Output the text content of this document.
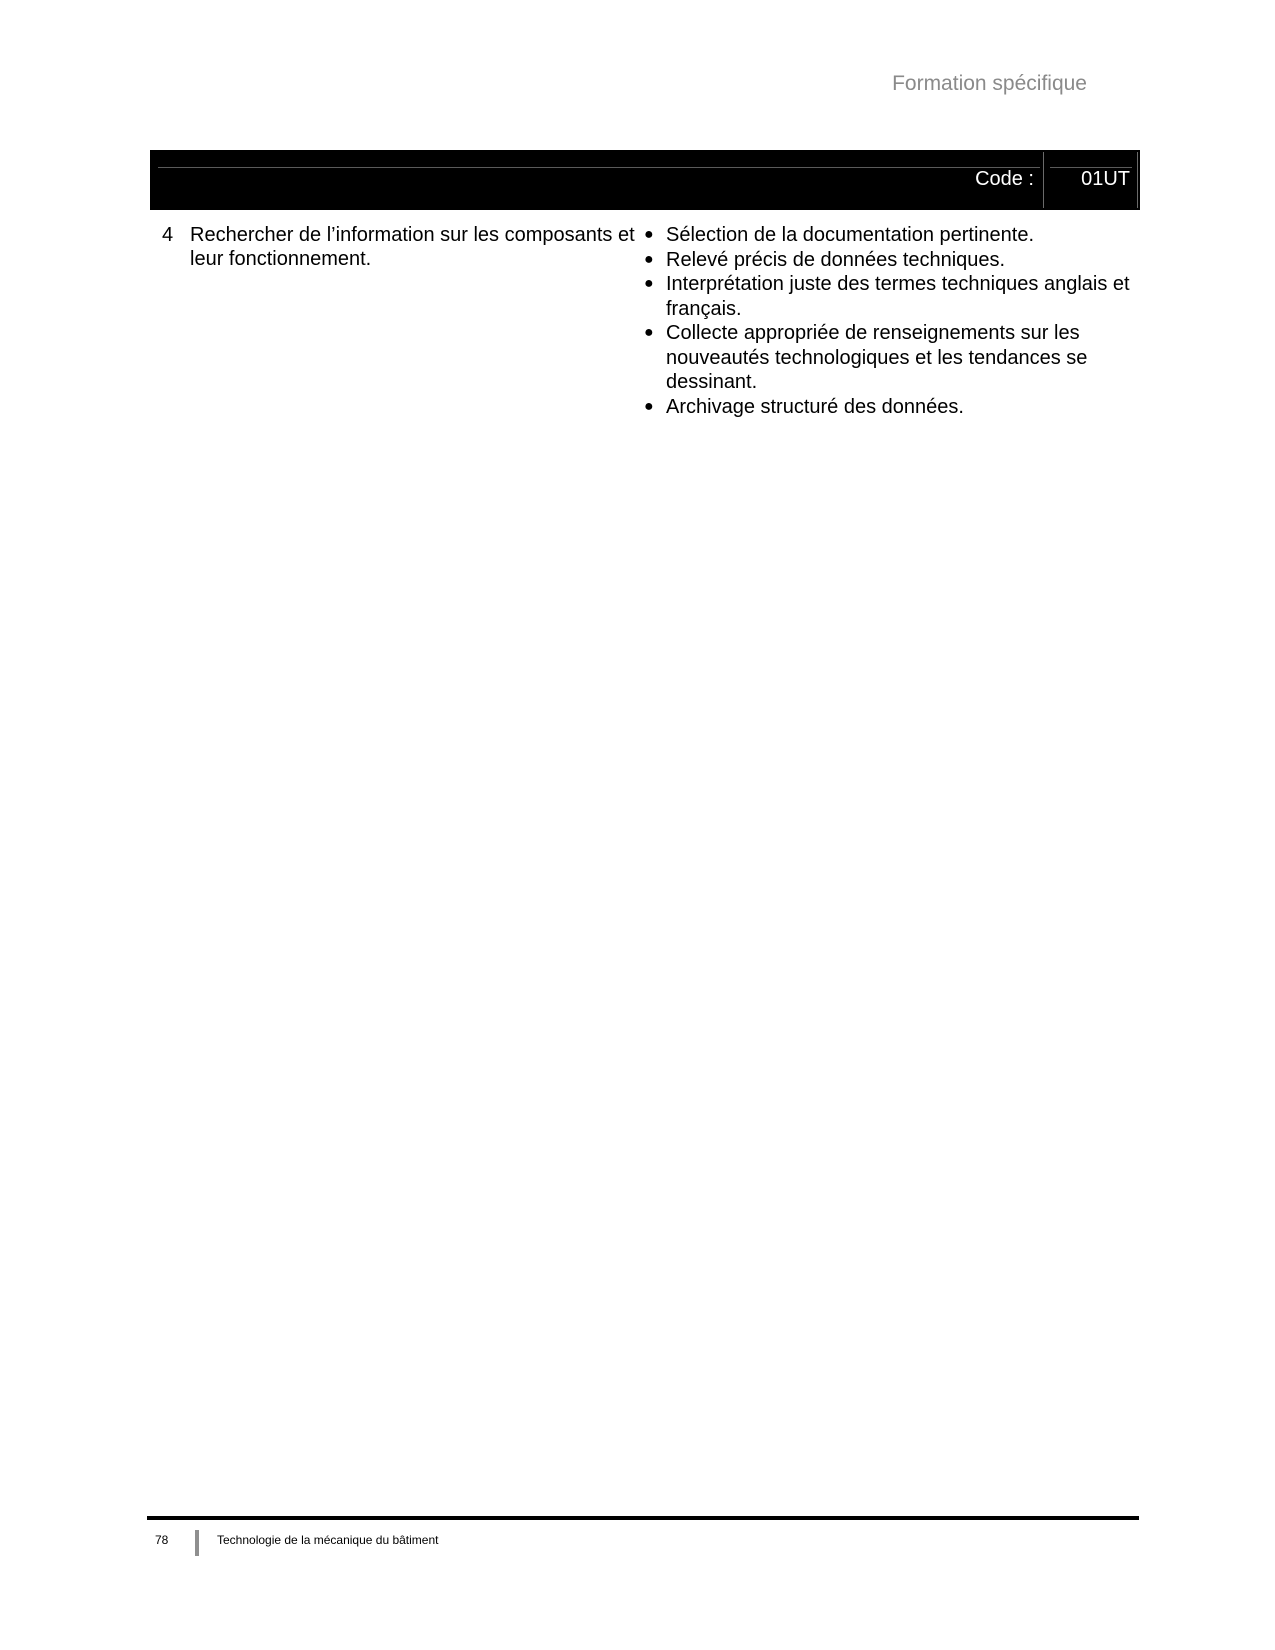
Formation spécifique
Code : 01UT
4 Rechercher de l’information sur les composants et leur fonctionnement.
● Sélection de la documentation pertinente.
● Relevé précis de données techniques.
● Interprétation juste des termes techniques anglais et français.
● Collecte appropriée de renseignements sur les nouveautés technologiques et les tendances se dessinant.
● Archivage structuré des données.
78	Technologie de la mécanique du bâtiment
